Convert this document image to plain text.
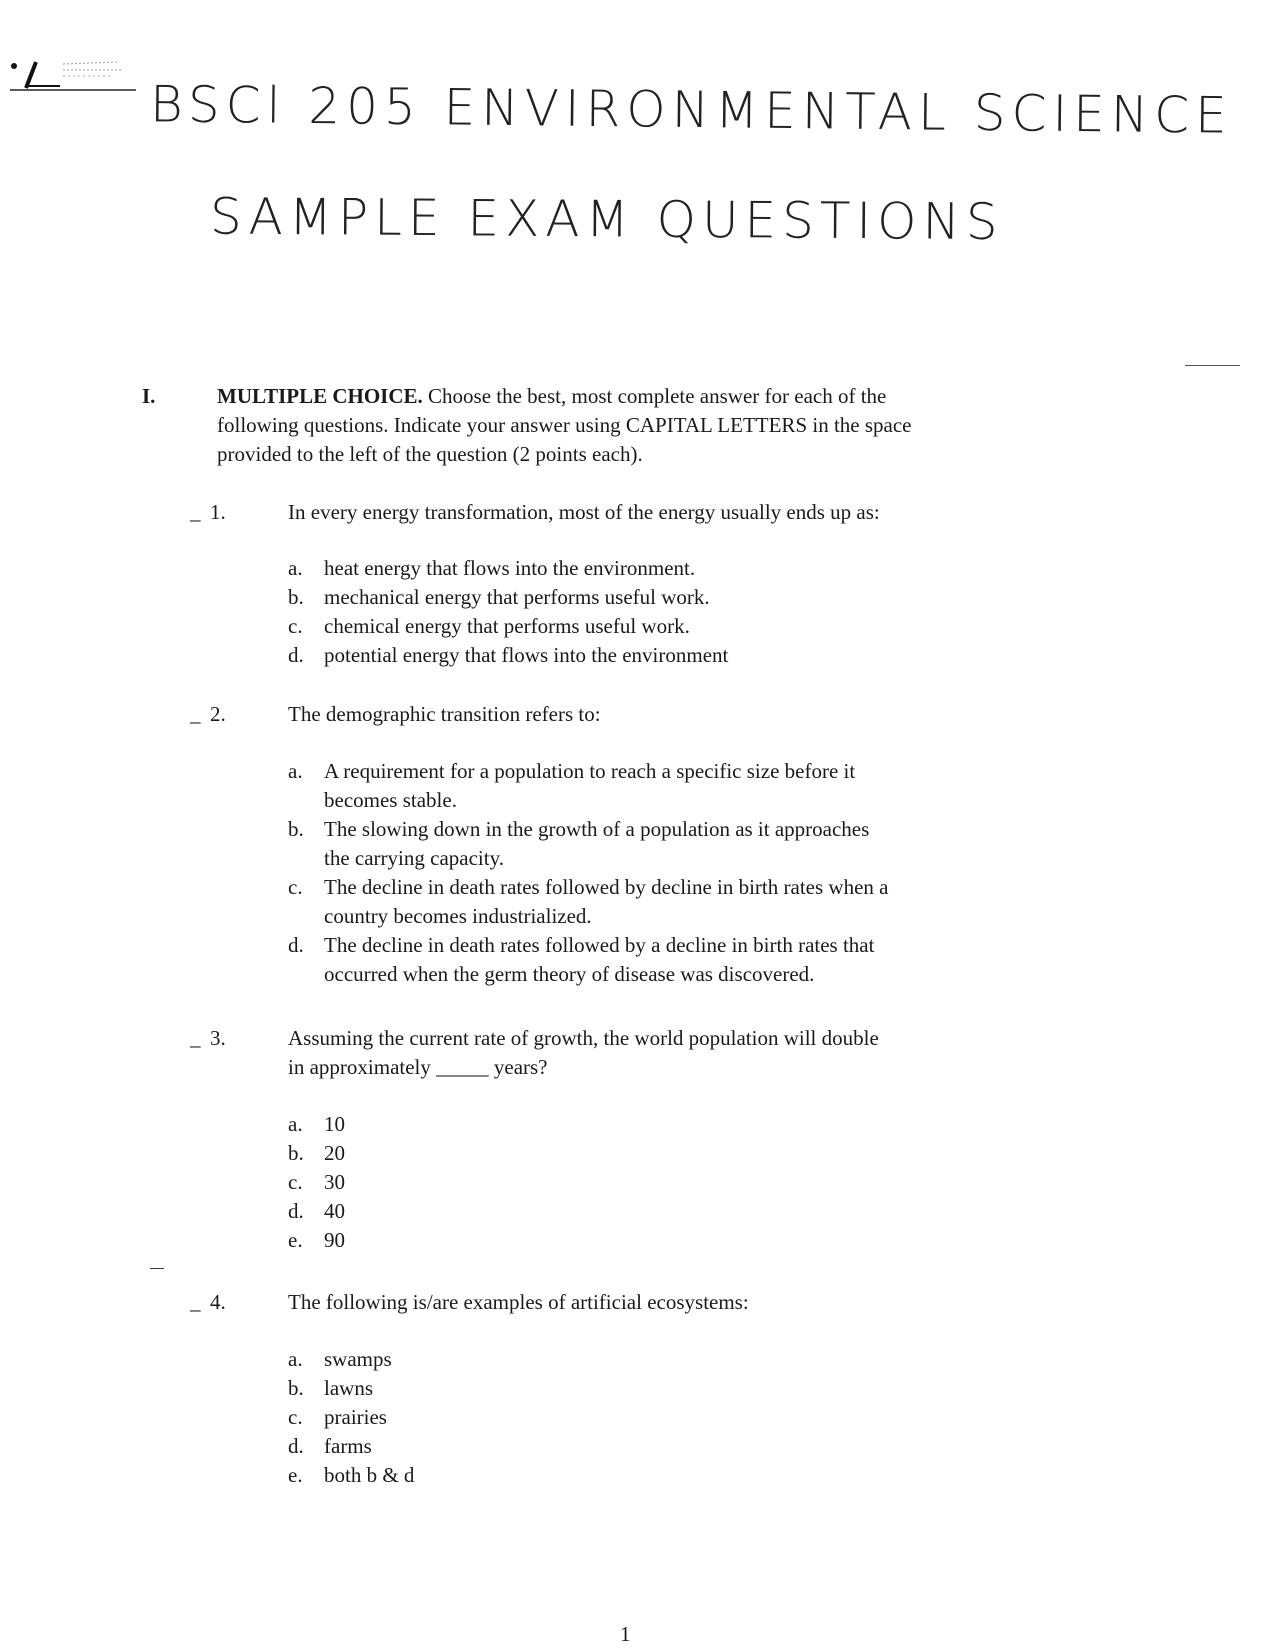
BSCl 205 ENVIRONMENTAL SCIENCE
SAMPLE EXAM QUESTIONS
I.	MULTIPLE CHOICE. Choose the best, most complete answer for each of the
following questions. Indicate your answer using CAPITAL LETTERS in the space
provided to the left of the question (2 points each).
_ 1.	In every energy transformation, most of the energy usually ends up as:
a. heat energy that flows into the environment.
b. mechanical energy that performs useful work.
c. chemical energy that performs useful work.
d. potential energy that flows into the environment
_ 2.	The demographic transition refers to:
a. A requirement for a population to reach a specific size before it
becomes stable.
b. The slowing down in the growth of a population as it approaches
the carrying capacity.
c. The decline in death rates followed by decline in birth rates when a
country becomes industrialized.
d. The decline in death rates followed by a decline in birth rates that
occurred when the germ theory of disease was discovered.
_ 3.	Assuming the current rate of growth, the world population will double
in approximately _____ years?
a. 10
b. 20
c. 30
d. 40
e. 90
_ 4.	The following is/are examples of artificial ecosystems:
a. swamps
b. lawns
c. prairies
d. farms
e. both b & d
1
